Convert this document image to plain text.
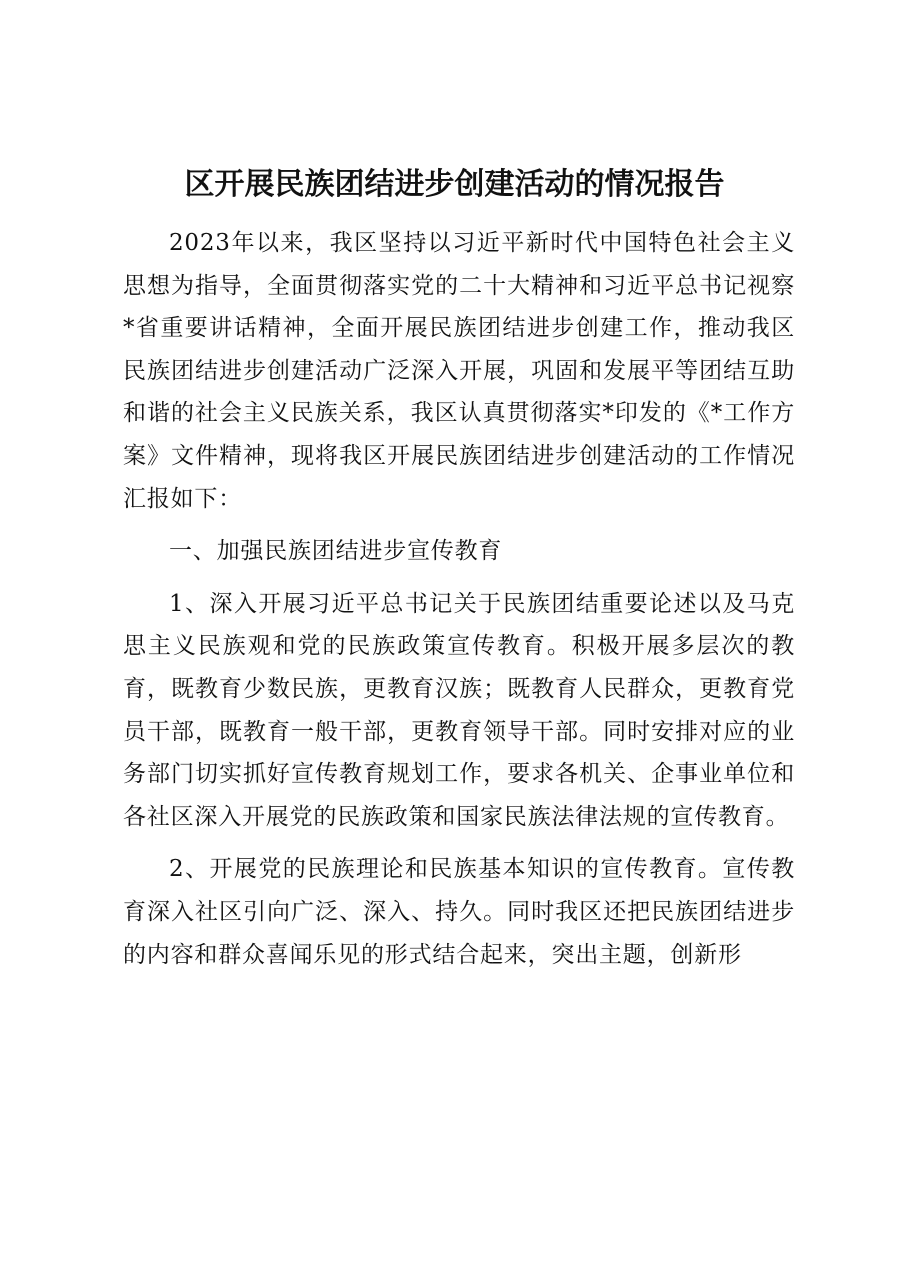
区开展民族团结进步创建活动的情况报告

2023年以来，我区坚持以习近平新时代中国特色社会主义思想为指导，全面贯彻落实党的二十大精神和习近平总书记视察*省重要讲话精神，全面开展民族团结进步创建工作，推动我区民族团结进步创建活动广泛深入开展，巩固和发展平等团结互助和谐的社会主义民族关系，我区认真贯彻落实*印发的《*工作方案》文件精神，现将我区开展民族团结进步创建活动的工作情况汇报如下：

一、加强民族团结进步宣传教育

1、深入开展习近平总书记关于民族团结重要论述以及马克思主义民族观和党的民族政策宣传教育。积极开展多层次的教育，既教育少数民族，更教育汉族；既教育人民群众，更教育党员干部，既教育一般干部，更教育领导干部。同时安排对应的业务部门切实抓好宣传教育规划工作，要求各机关、企事业单位和各社区深入开展党的民族政策和国家民族法律法规的宣传教育。

2、开展党的民族理论和民族基本知识的宣传教育。宣传教育深入社区引向广泛、深入、持久。同时我区还把民族团结进步的内容和群众喜闻乐见的形式结合起来，突出主题，创新形
